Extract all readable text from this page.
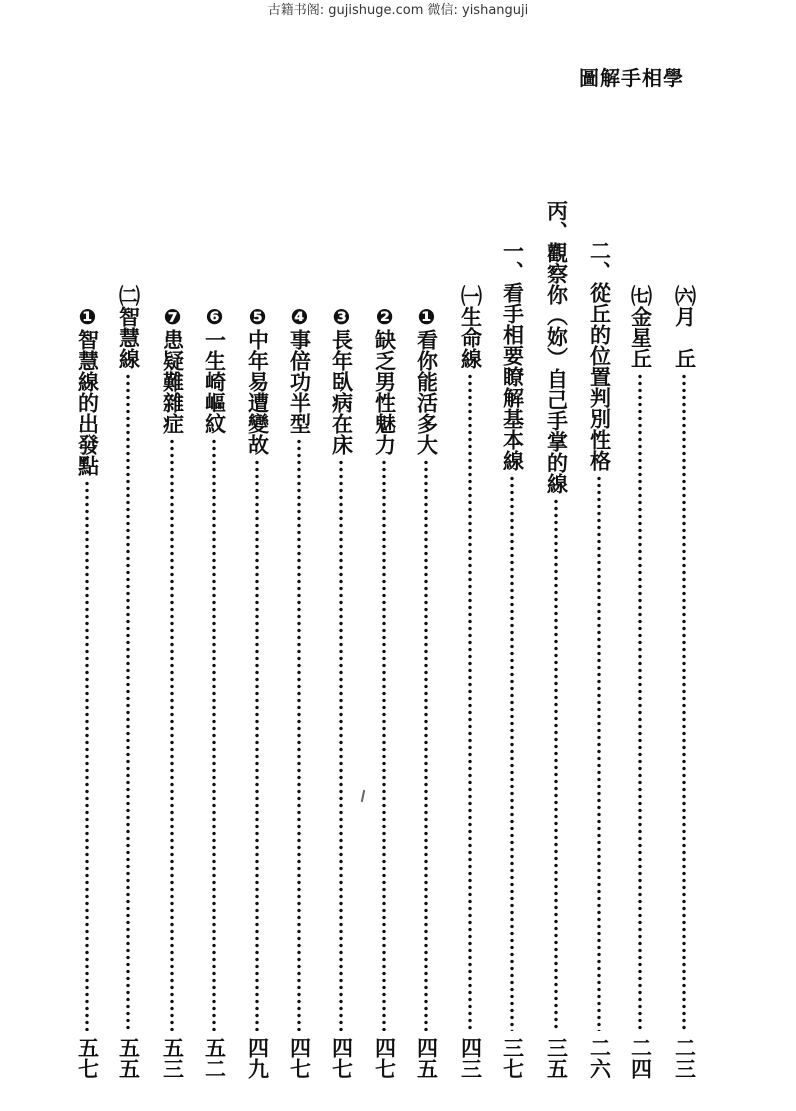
古籍书阁: gujishuge.com 微信: yishanguji
圖解手相學
㈥月　丘
二三
㈦金星丘
二四
二、從丘的位置判別性格
二六
丙、觀察你（妳）自己手掌的線
三五
一、看手相要瞭解基本線
三七
㈠生命線
四三
❶看你能活多大
四五
❷缺乏男性魅力
四七
❸長年臥病在床
四七
❹事倍功半型
四七
❺中年易遭變故
四九
❻一生崎嶇紋
五二
❼患疑難雜症
五三
㈡智慧線
五五
❶智慧線的出發點
五七
